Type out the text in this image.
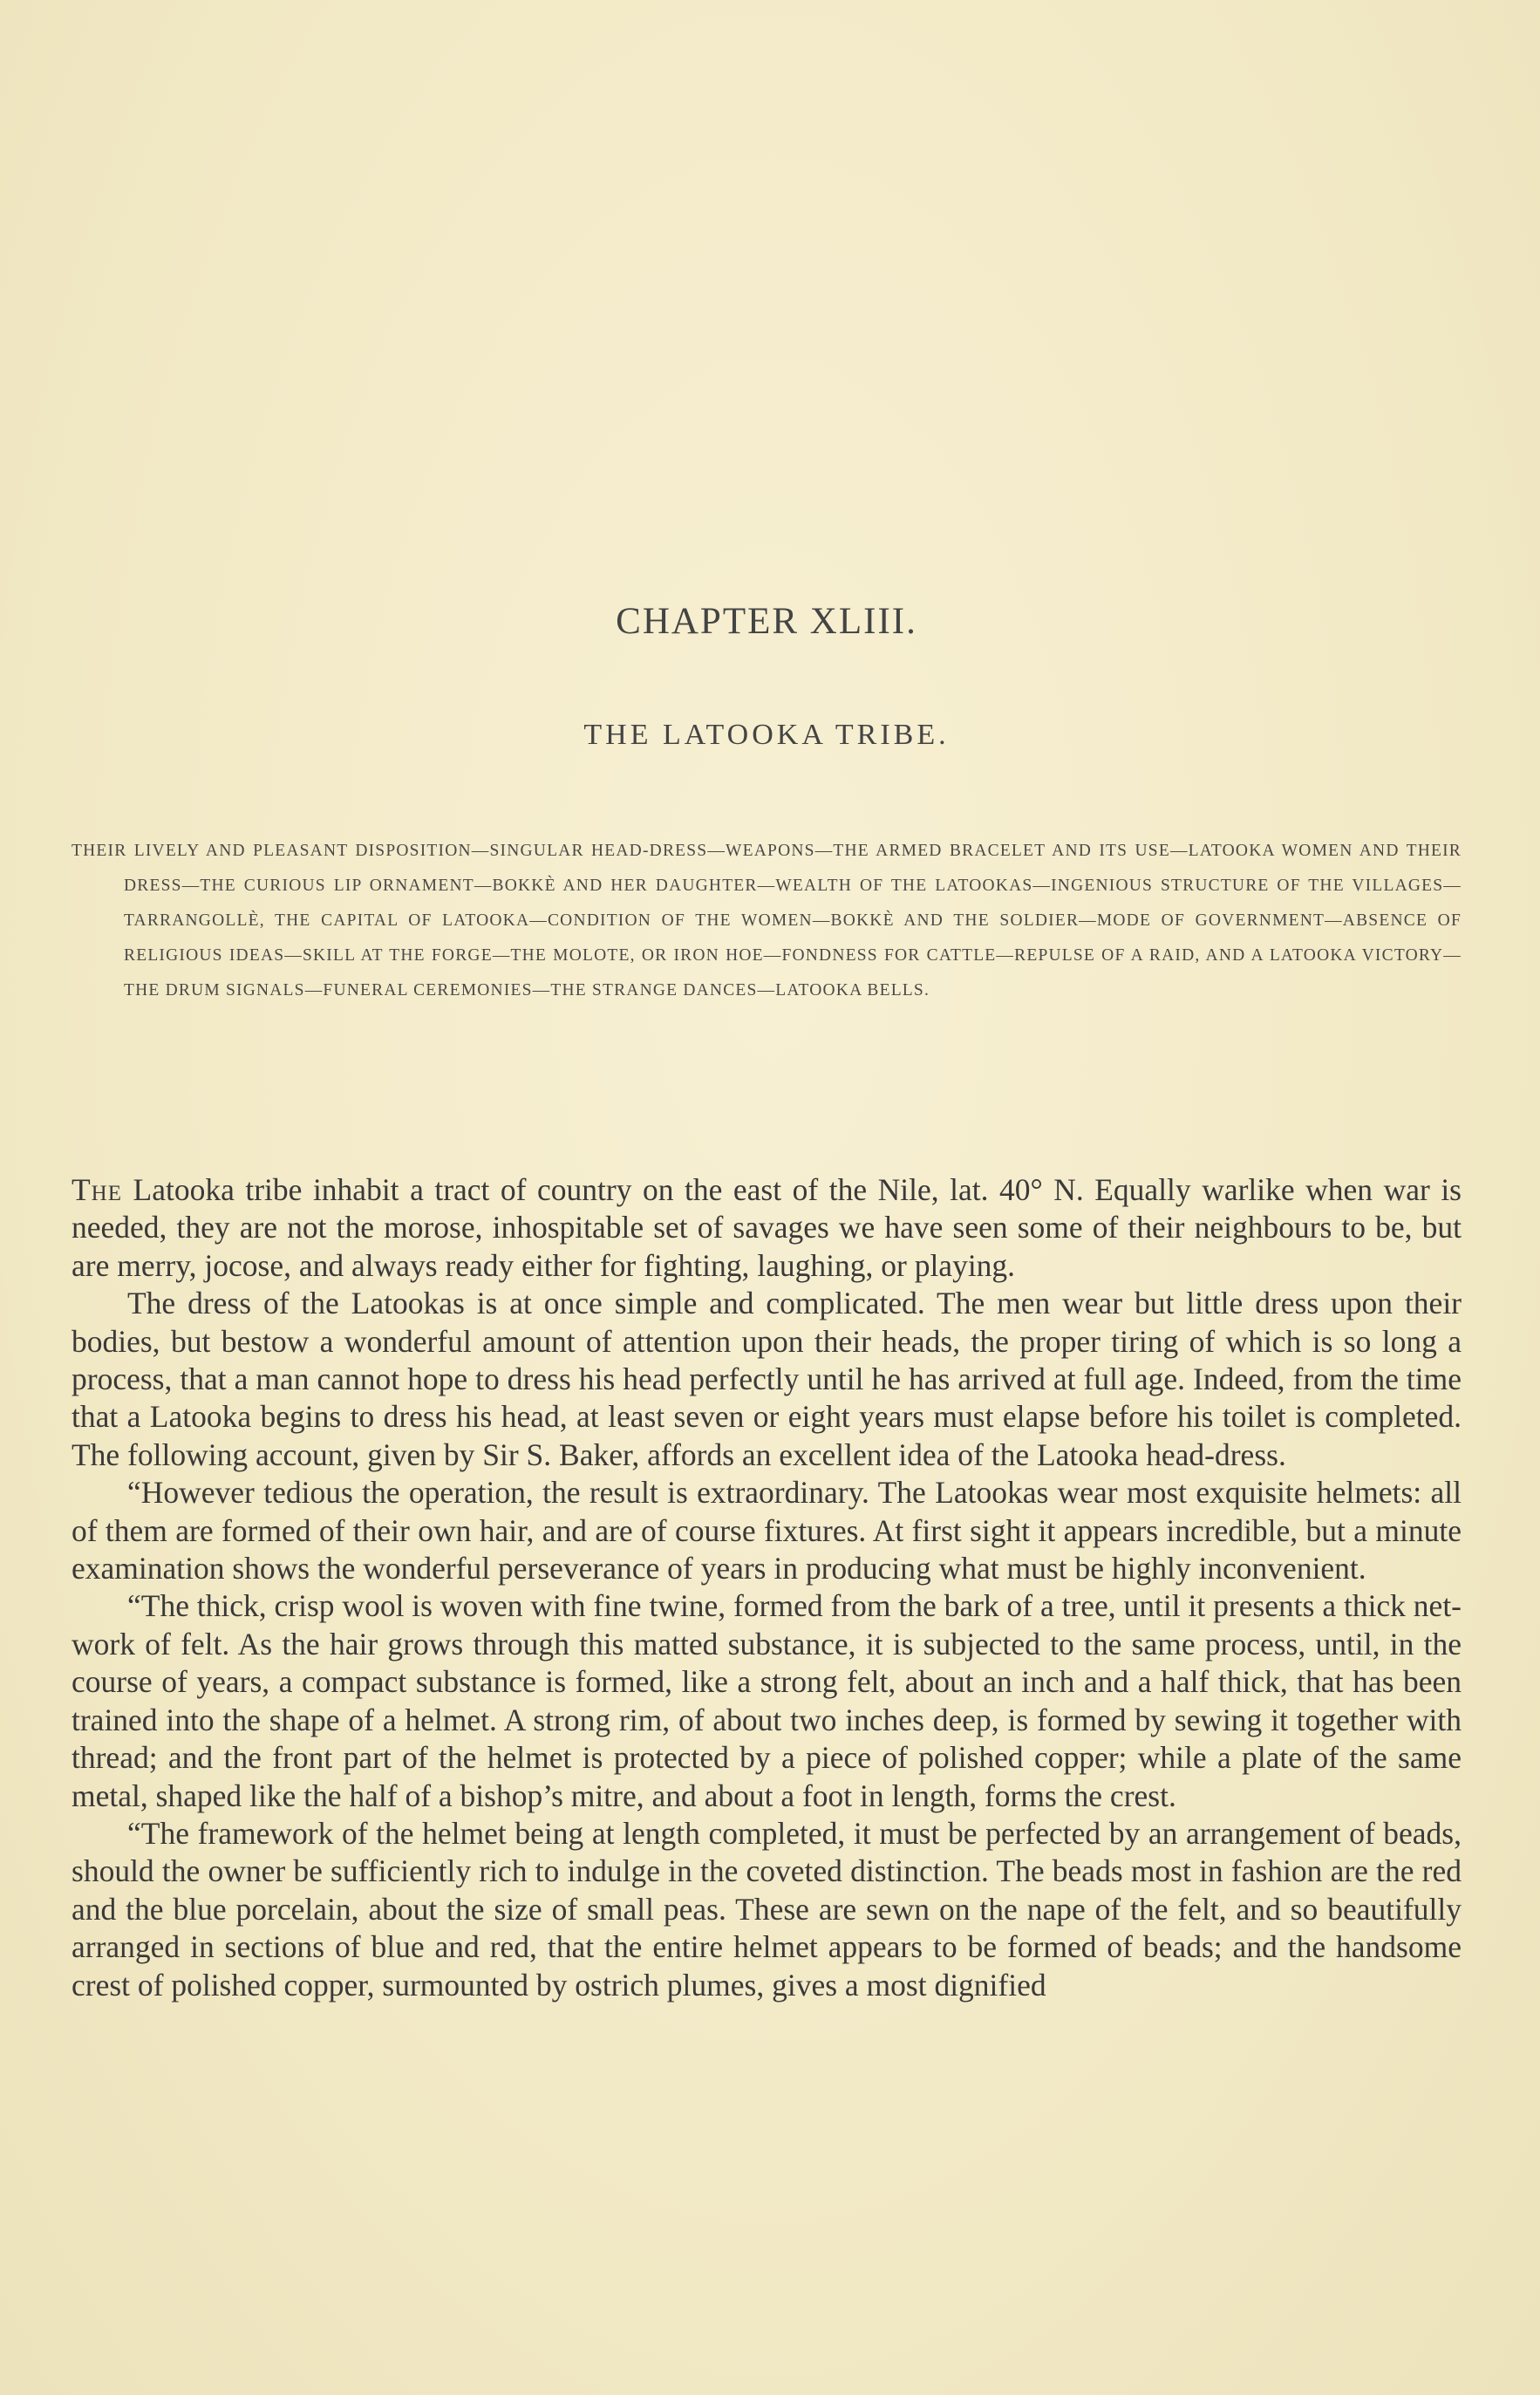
CHAPTER XLIII.
THE LATOOKA TRIBE.
THEIR LIVELY AND PLEASANT DISPOSITION—SINGULAR HEAD-DRESS—WEAPONS—THE ARMED BRACELET AND ITS USE—LATOOKA WOMEN AND THEIR DRESS—THE CURIOUS LIP ORNAMENT—BOKKÈ AND HER DAUGHTER—WEALTH OF THE LATOOKAS—INGENIOUS STRUCTURE OF THE VILLAGES—TARRANGOLLÈ, THE CAPITAL OF LATOOKA—CONDITION OF THE WOMEN—BOKKÈ AND THE SOLDIER—MODE OF GOVERNMENT—ABSENCE OF RELIGIOUS IDEAS—SKILL AT THE FORGE—THE MOLOTE, OR IRON HOE—FONDNESS FOR CATTLE—REPULSE OF A RAID, AND A LATOOKA VICTORY—THE DRUM SIGNALS—FUNERAL CEREMONIES—THE STRANGE DANCES—LATOOKA BELLS.

The Latooka tribe inhabit a tract of country on the east of the Nile, lat. 40° N. Equally warlike when war is needed, they are not the morose, inhospitable set of savages we have seen some of their neighbours to be, but are merry, jocose, and always ready either for fighting, laughing, or playing.

The dress of the Latookas is at once simple and complicated. The men wear but little dress upon their bodies, but bestow a wonderful amount of attention upon their heads, the proper tiring of which is so long a process, that a man cannot hope to dress his head perfectly until he has arrived at full age. Indeed, from the time that a Latooka begins to dress his head, at least seven or eight years must elapse before his toilet is completed. The following account, given by Sir S. Baker, affords an excellent idea of the Latooka head-dress.

“However tedious the operation, the result is extraordinary. The Latookas wear most exquisite helmets: all of them are formed of their own hair, and are of course fixtures. At first sight it appears incredible, but a minute examination shows the wonderful perseverance of years in producing what must be highly inconvenient.

“The thick, crisp wool is woven with fine twine, formed from the bark of a tree, until it presents a thick net-work of felt. As the hair grows through this matted substance, it is subjected to the same process, until, in the course of years, a compact substance is formed, like a strong felt, about an inch and a half thick, that has been trained into the shape of a helmet. A strong rim, of about two inches deep, is formed by sewing it together with thread; and the front part of the helmet is protected by a piece of polished copper; while a plate of the same metal, shaped like the half of a bishop’s mitre, and about a foot in length, forms the crest.

“The framework of the helmet being at length completed, it must be perfected by an arrangement of beads, should the owner be sufficiently rich to indulge in the coveted distinction. The beads most in fashion are the red and the blue porcelain, about the size of small peas. These are sewn on the nape of the felt, and so beautifully arranged in sections of blue and red, that the entire helmet appears to be formed of beads; and the handsome crest of polished copper, surmounted by ostrich plumes, gives a most dignified
